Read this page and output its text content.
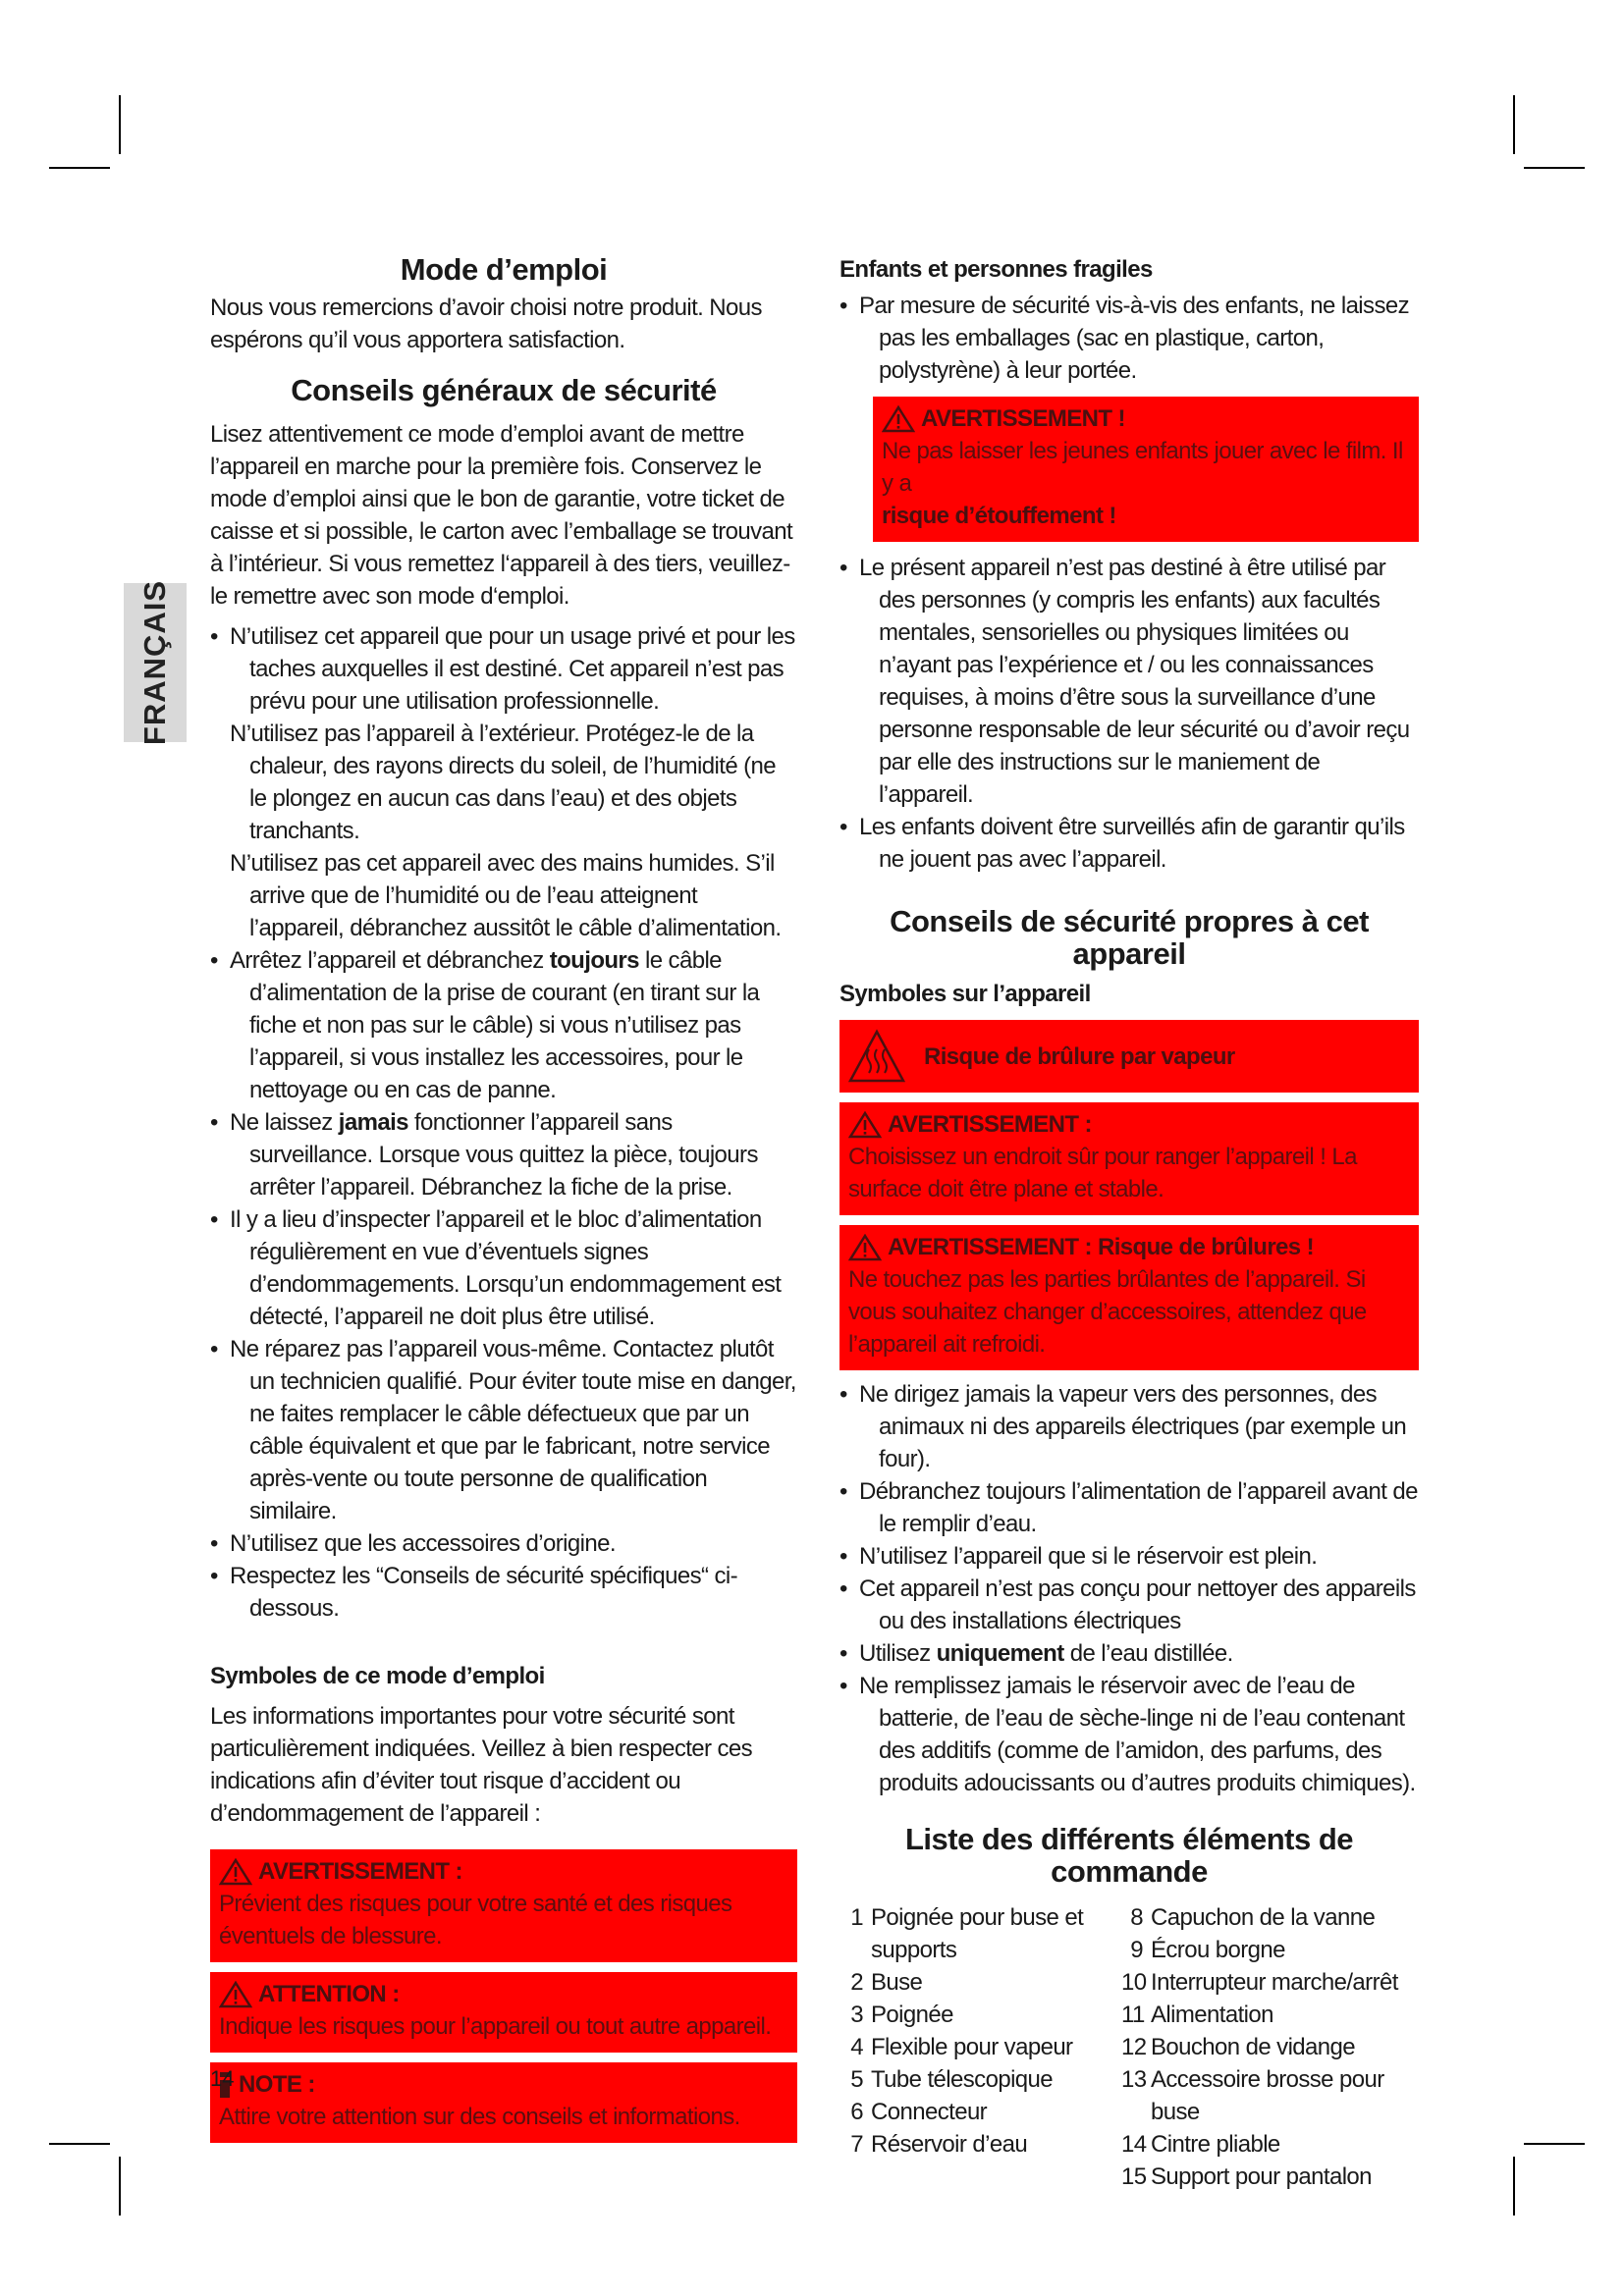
FRANÇAIS
Mode d’emploi

Nous vous remercions d’avoir choisi notre produit. Nous espérons qu’il vous apportera satisfaction.

Conseils généraux de sécurité

Lisez attentivement ce mode d’emploi avant de mettre l’appareil en marche pour la première fois. Conservez le mode d’emploi ainsi que le bon de garantie, votre ticket de caisse et si possible, le carton avec l’emballage se trouvant à l’intérieur. Si vous remettez l‘appareil à des tiers, veuillez-le remettre avec son mode d‘emploi.

• N’utilisez cet appareil que pour un usage privé et pour les taches auxquelles il est destiné. Cet appareil n’est pas prévu pour une utilisation professionnelle.
N’utilisez pas l’appareil à l’extérieur. Protégez-le de la chaleur, des rayons directs du soleil, de l’humidité (ne le plongez en aucun cas dans l’eau) et des objets tranchants.
N’utilisez pas cet appareil avec des mains humides. S’il arrive que de l’humidité ou de l’eau atteignent l’appareil, débranchez aussitôt le câble d’alimentation.
• Arrêtez l’appareil et débranchez toujours le câble d’alimentation de la prise de courant (en tirant sur la fiche et non pas sur le câble) si vous n’utilisez pas l’appareil, si vous installez les accessoires, pour le nettoyage ou en cas de panne.
• Ne laissez jamais fonctionner l’appareil sans surveillance. Lorsque vous quittez la pièce, toujours arrêter l’appareil. Débranchez la fiche de la prise.
• Il y a lieu d’inspecter l’appareil et le bloc d’alimentation régulièrement en vue d’éventuels signes d’endommagements. Lorsqu’un endommagement est détecté, l’appareil ne doit plus être utilisé.
• Ne réparez pas l’appareil vous-même. Contactez plutôt un technicien qualifié. Pour éviter toute mise en danger, ne faites remplacer le câble défectueux que par un câble équivalent et que par le fabricant, notre service après-vente ou toute personne de qualification similaire.
• N’utilisez que les accessoires d’origine.
• Respectez les “Conseils de sécurité spécifiques“ ci-dessous.
Symboles de ce mode d’emploi

Les informations importantes pour votre sécurité sont particulièrement indiquées. Veillez à bien respecter ces indications afin d’éviter tout risque d’accident ou d’endommagement de l’appareil :

AVERTISSEMENT :
Prévient des risques pour votre santé et des risques éventuels de blessure.
ATTENTION :
Indique les risques pour l’appareil ou tout autre appareil.
NOTE :
Attire votre attention sur des conseils et informations.
Enfants et personnes fragiles
• Par mesure de sécurité vis-à-vis des enfants, ne laissez pas les emballages (sac en plastique, carton, polystyrène) à leur portée.
AVERTISSEMENT !
Ne pas laisser les jeunes enfants jouer avec le film. Il y a
risque d’étouffement !
• Le présent appareil n’est pas destiné à être utilisé par des personnes (y compris les enfants) aux facultés mentales, sensorielles ou physiques limitées ou n’ayant pas l’expérience et / ou les connaissances requises, à moins d’être sous la surveillance d’une personne responsable de leur sécurité ou d’avoir reçu par elle des instructions sur le maniement de l’appareil.
• Les enfants doivent être surveillés afin de garantir qu’ils ne jouent pas avec l’appareil.
Conseils de sécurité propres à cet appareil
Symboles sur l’appareil
Risque de brûlure par vapeur
AVERTISSEMENT :
Choisissez un endroit sûr pour ranger l’appareil ! La surface doit être plane et stable.
AVERTISSEMENT : Risque de brûlures !
Ne touchez pas les parties brûlantes de l’appareil. Si vous souhaitez changer d’accessoires, attendez que l’appareil ait refroidi.
• Ne dirigez jamais la vapeur vers des personnes, des animaux ni des appareils électriques (par exemple un four).
• Débranchez toujours l’alimentation de l’appareil avant de le remplir d’eau.
• N’utilisez l’appareil que si le réservoir est plein.
• Cet appareil n’est pas conçu pour nettoyer des appareils ou des installations électriques
• Utilisez uniquement de l’eau distillée.
• Ne remplissez jamais le réservoir avec de l’eau de batterie, de l’eau de sèche-linge ni de l’eau contenant des additifs (comme de l’amidon, des parfums, des produits adoucissants ou d’autres produits chimiques).
Liste des différents éléments de commande
1 Poignée pour buse et supports
2 Buse
3 Poignée
4 Flexible pour vapeur
5 Tube télescopique
6 Connecteur
7 Réservoir d’eau
8 Capuchon de la vanne
9 Écrou borgne
10 Interrupteur marche/arrêt
11 Alimentation
12 Bouchon de vidange
13 Accessoire brosse pour buse
14 Cintre pliable
15 Support pour pantalon
14
